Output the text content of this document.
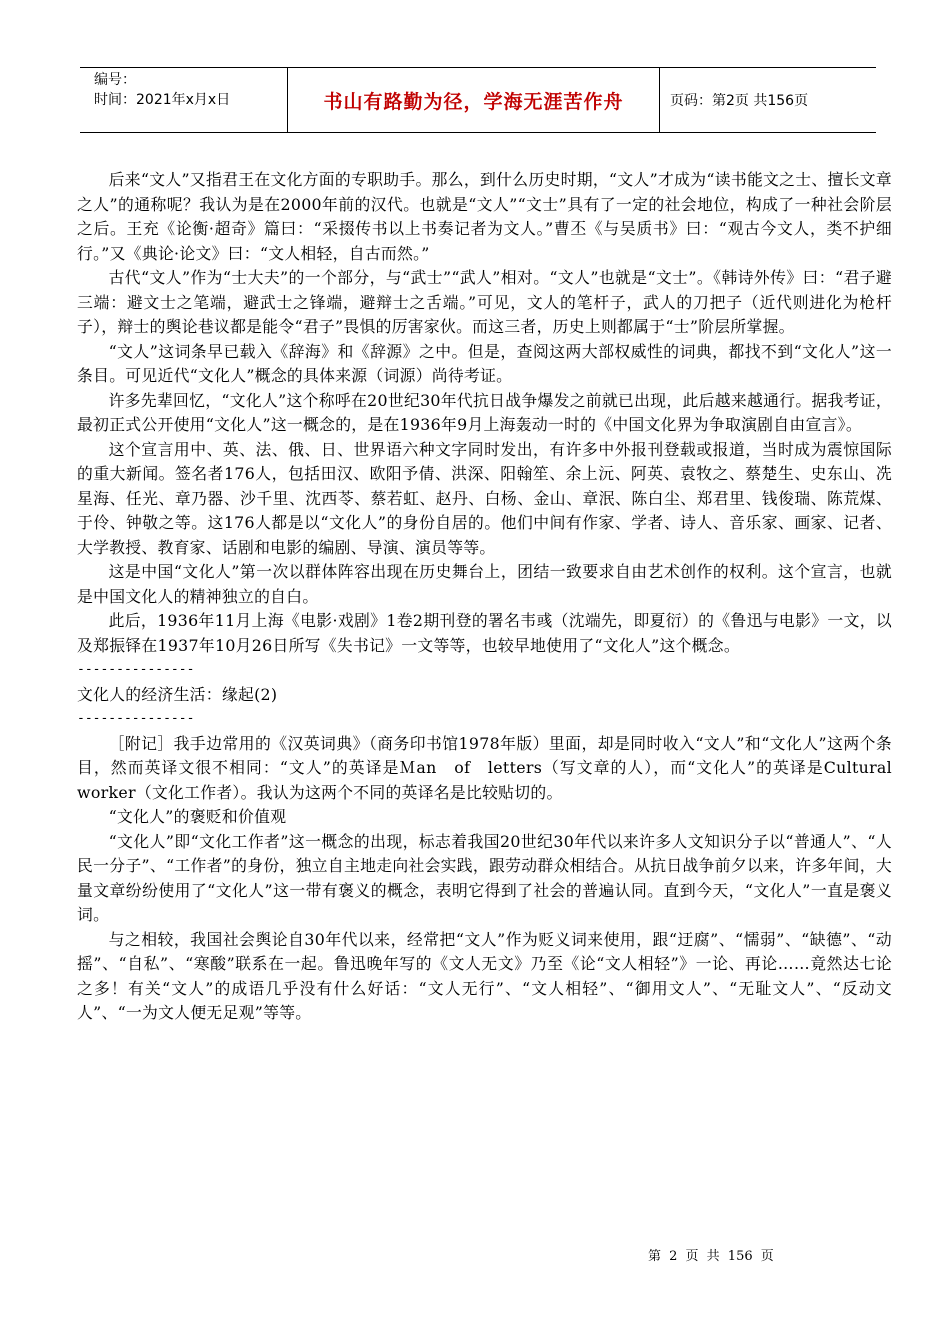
编号：
时间：2021年x月x日	书山有路勤为径，学海无涯苦作舟	页码：第2页 共156页

后来“文人”又指君王在文化方面的专职助手。那么，到什么历史时期，“文人”才成为“读书能文之士、擅长文章之人”的通称呢？我认为是在2000年前的汉代。也就是“文人”“文士”具有了一定的社会地位，构成了一种社会阶层之后。王充《论衡·超奇》篇曰：“采掇传书以上书奏记者为文人。”曹丕《与吴质书》曰：“观古今文人，类不护细行。”又《典论·论文》曰：“文人相轻，自古而然。”

古代“文人”作为“士大夫”的一个部分，与“武士”“武人”相对。“文人”也就是“文士”。《韩诗外传》曰：“君子避三端：避文士之笔端，避武士之锋端，避辩士之舌端。”可见，文人的笔杆子，武人的刀把子（近代则进化为枪杆子），辩士的舆论巷议都是能令“君子”畏惧的厉害家伙。而这三者，历史上则都属于“士”阶层所掌握。

“文人”这词条早已载入《辞海》和《辞源》之中。但是，查阅这两大部权威性的词典，都找不到“文化人”这一条目。可见近代“文化人”概念的具体来源（词源）尚待考证。

许多先辈回忆，“文化人”这个称呼在20世纪30年代抗日战争爆发之前就已出现，此后越来越通行。据我考证，最初正式公开使用“文化人”这一概念的，是在1936年9月上海轰动一时的《中国文化界为争取演剧自由宣言》。

这个宣言用中、英、法、俄、日、世界语六种文字同时发出，有许多中外报刊登载或报道，当时成为震惊国际的重大新闻。签名者176人，包括田汉、欧阳予倩、洪深、阳翰笙、余上沅、阿英、袁牧之、蔡楚生、史东山、冼星海、任光、章乃器、沙千里、沈西苓、蔡若虹、赵丹、白杨、金山、章泯、陈白尘、郑君里、钱俊瑞、陈荒煤、于伶、钟敬之等。这176人都是以“文化人”的身份自居的。他们中间有作家、学者、诗人、音乐家、画家、记者、大学教授、教育家、话剧和电影的编剧、导演、演员等等。

这是中国“文化人”第一次以群体阵容出现在历史舞台上，团结一致要求自由艺术创作的权利。这个宣言，也就是中国文化人的精神独立的自白。

此后，1936年11月上海《电影·戏剧》1卷2期刊登的署名韦彧（沈端先，即夏衍）的《鲁迅与电影》一文，以及郑振铎在1937年10月26日所写《失书记》一文等等，也较早地使用了“文化人”这个概念。

---------------

文化人的经济生活：缘起(2)

---------------

［附记］我手边常用的《汉英词典》（商务印书馆1978年版）里面，却是同时收入“文人”和“文化人”这两个条目，然而英译文很不相同：“文人”的英译是Ｍan　of　letters（写文章的人），而“文化人”的英译是Cultural　worker（文化工作者）。我认为这两个不同的英译名是比较贴切的。

“文化人”的褒贬和价值观

“文化人”即“文化工作者”这一概念的出现，标志着我国20世纪30年代以来许多人文知识分子以“普通人”、“人民一分子”、“工作者”的身份，独立自主地走向社会实践，跟劳动群众相结合。从抗日战争前夕以来，许多年间，大量文章纷纷使用了“文化人”这一带有褒义的概念，表明它得到了社会的普遍认同。直到今天，“文化人”一直是褒义词。

与之相较，我国社会舆论自30年代以来，经常把“文人”作为贬义词来使用，跟“迂腐”、“懦弱”、“缺德”、“动摇”、“自私”、“寒酸”联系在一起。鲁迅晚年写的《文人无文》乃至《论“文人相轻”》一论、再论……竟然达七论之多！有关“文人”的成语几乎没有什么好话：“文人无行”、“文人相轻”、“御用文人”、“无耻文人”、“反动文人”、“一为文人便无足观”等等。

第 2 页 共 156 页
